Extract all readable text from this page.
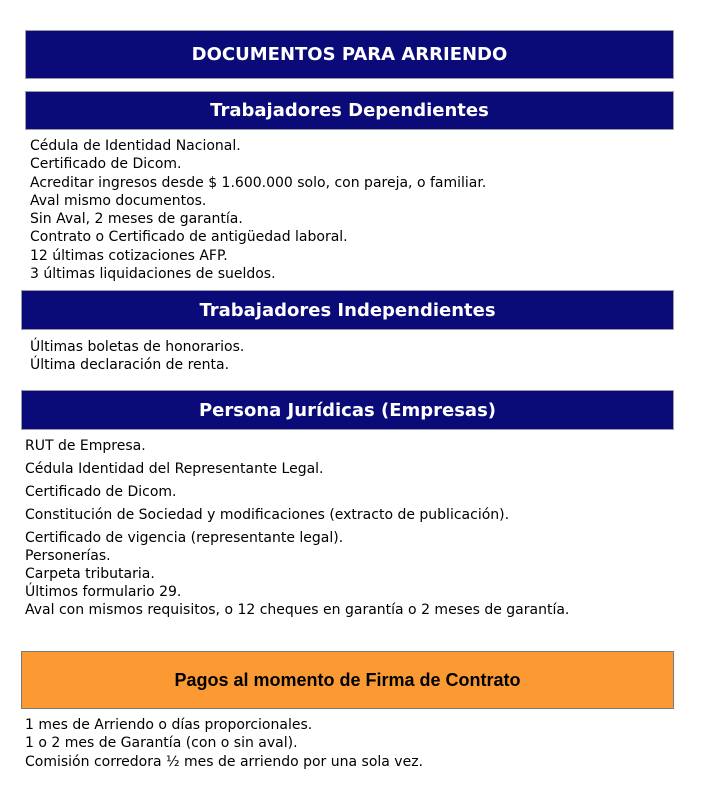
DOCUMENTOS PARA ARRIENDO
Trabajadores Dependientes
Cédula de Identidad Nacional.
Certificado de Dicom.
Acreditar ingresos desde $ 1.600.000 solo, con pareja, o familiar.
Aval mismo documentos.
Sin Aval, 2 meses de garantía.
Contrato o Certificado de antigüedad laboral.
12 últimas cotizaciones AFP.
3 últimas liquidaciones de sueldos.
Trabajadores Independientes
Últimas boletas de honorarios.
Última declaración de renta.
Persona Jurídicas (Empresas)
RUT de Empresa.
Cédula Identidad del Representante Legal.
Certificado de Dicom.
Constitución de Sociedad y modificaciones (extracto de publicación).
Certificado de vigencia (representante legal).
Personerías.
Carpeta tributaria.
Últimos formulario 29.
Aval con mismos requisitos, o 12 cheques en garantía o 2 meses de garantía.
Pagos al momento de Firma de Contrato
1 mes de Arriendo o días proporcionales.
1 o 2 mes de Garantía (con o sin aval).
Comisión corredora ½ mes de arriendo por una sola vez.
